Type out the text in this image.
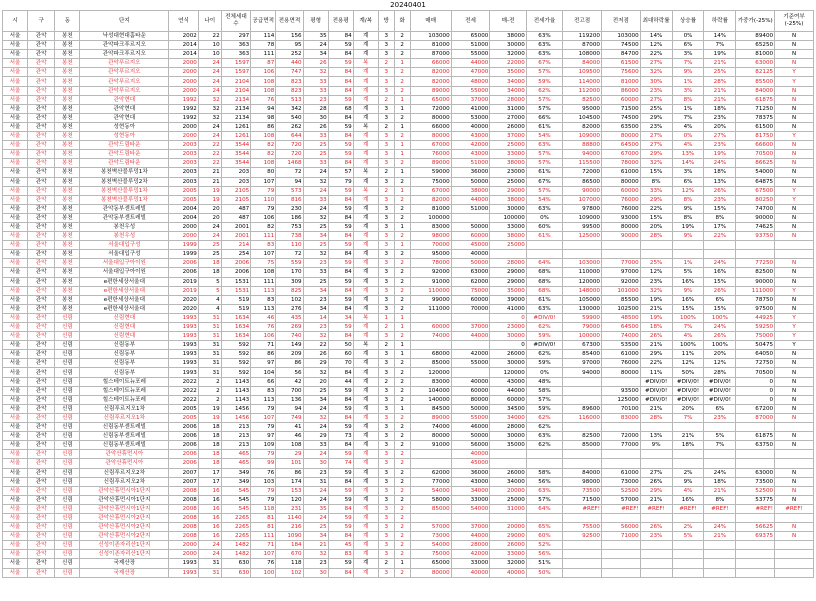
20240401
시	구	동	단지	연식	나이	전체세대수	공급면적	전용면적	평형	전용평	계/복	방	화	매매	전세	매-전	전세가율	전고점	전저점	최대하락률	상승률	하락률	가중가(-25%)	기준여부(-25%)
서울	관악	봉천	낙성대현대홈타운	2002	22	297	114	156	35	84	계	3	2	103000	65000	38000	63%	119200	103000	14%	0%	14%	89400	N
서울	관악	봉천	관악파크푸르지오	2014	10	363	78	95	24	59	계	3	2	81000	51000	30000	63%	87000	74500	12%	6%	7%	65250	N
서울	관악	봉천	관악파크푸르지오	2014	10	363	111	252	34	84	계	3	2	87000	55000	32000	63%	108000	84700	22%	3%	19%	81000	N
서울	관악	봉천	관악푸르지오	2000	24	1597	87	440	26	59	복	2	1	66000	44000	22000	67%	84000	61500	27%	7%	21%	63000	N
서울	관악	봉천	관악푸르지오	2000	24	1597	106	747	32	84	계	3	2	82000	47000	35000	57%	109500	75600	32%	9%	25%	82125	Y
서울	관악	봉천	관악푸르지오	2000	24	2104	108	823	33	84	계	3	2	82000	48000	34000	59%	114000	81000	30%	1%	28%	85500	Y
서울	관악	봉천	관악푸르지오	2000	24	2104	108	823	33	84	계	3	2	89000	55000	34000	62%	112000	86000	23%	3%	21%	84000	N
서울	관악	봉천	관악현대	1992	32	2134	76	513	23	59	계	2	1	65000	37000	28000	57%	82500	60000	27%	8%	21%	61875	N
서울	관악	봉천	관악현대	1992	32	2134	94	342	28	68	계	3	1	72000	41000	31000	57%	95000	71500	25%	1%	18%	71250	N
서울	관악	봉천	관악현대	1992	32	2134	98	540	30	84	계	3	2	80000	53000	27000	66%	104500	74500	29%	7%	23%	78375	N
서울	관악	봉천	성현동아	2000	24	1261	86	262	26	59	복	2	1	66000	40000	26000	61%	82000	63500	23%	4%	20%	61500	N
서울	관악	봉천	성현동아	2000	24	1261	108	644	33	84	계	3	2	80000	43000	37000	54%	109000	80000	27%	0%	27%	81750	Y
서울	관악	봉천	관악드림타운	2003	22	3544	82	720	25	59	계	3	1	67000	42000	25000	63%	88800	64500	27%	4%	23%	66600	N
서울	관악	봉천	관악드림타운	2003	22	3544	82	720	25	59	계	3	1	76000	43000	33000	57%	94000	67000	29%	13%	19%	70500	N
서울	관악	봉천	관악드림타운	2003	22	3544	108	1468	33	84	계	3	2	89000	51000	38000	57%	115500	78000	32%	14%	24%	86625	N
서울	관악	봉천	봉천벽산블루밍1차	2003	21	203	80	72	24	57	복	2	1	59000	36000	23000	61%	72000	61000	15%	3%	18%	54000	N
서울	관악	봉천	봉천벽산블루밍2차	2003	21	203	107	94	32	79	계	3	2	75000	50000	25000	67%	86500	80000	8%	6%	13%	64875	N
서울	관악	봉천	봉천벽산블루밍1차	2005	19	2105	79	573	24	59	복	2	1	67000	38000	29000	57%	90000	60000	33%	12%	26%	67500	Y
서울	관악	봉천	봉천벽산블루밍1차	2005	19	2105	110	816	33	84	계	3	2	82000	44000	38000	54%	107000	76000	29%	8%	23%	80250	Y
서울	관악	봉천	관악동부센트레빌	2004	20	487	79	230	24	59	계	3	2	81000	51000	30000	63%	97800	76000	22%	9%	15%	74700	N
서울	관악	봉천	관악동부센트레빌	2004	20	487	106	186	32	84	계	3	2	100000		100000	0%	109000	93000	15%	8%	8%	90000	N
서울	관악	봉천	봉천우성	2000	24	2001	82	753	25	59	계	3	1	83000	50000	33000	60%	99500	80000	20%	19%	17%	74625	N
서울	관악	봉천	봉천우성	2000	24	2001	111	738	34	84	계	3	2	98000	60000	38000	61%	125000	90000	28%	9%	22%	93750	N
서울	관악	봉천	서울대입구성	1999	25	214	83	110	25	59	계	3	1	70000	45000	25000								
서울	관악	봉천	서울대입구성	1999	25	254	107	72	32	84	계	3	2	95000	40000									
서울	관악	봉천	서울대입구아이원	2006	18	2006	75	559	23	59	계	3	2	78000	50000	28000	64%	103000	77000	25%	1%	24%	77250	N
서울	관악	봉천	서울대입구아이원	2006	18	2006	108	170	33	84	계	3	2	92000	63000	29000	68%	110000	97000	12%	5%	16%	82500	N
서울	관악	봉천	e편한세상서울대	2019	5	1531	111	309	25	59	계	3	2	91000	62000	29000	68%	120000	92000	23%	16%	15%	90000	N
서울	관악	봉천	e편한세상서울대	2019	5	1531	113	825	34	84	계	3	2	110000	75000	35000	68%	148000	101000	32%	9%	26%	111000	Y
서울	관악	봉천	e편한세상서울대	2020	4	519	83	102	23	59	계	3	2	99000	60000	39000	61%	105000	85500	19%	16%	6%	78750	N
서울	관악	봉천	e편한세상서울대	2020	4	519	113	276	34	84	계	3	2	111000	70000	41000	63%	130000	102500	21%	15%	15%	97500	N
서울	관악	신림	신림현대	1993	31	1634	46	435	14	34	복	1	1			0	#DIV/0!	59900	48500	19%	100%	100%	44925	Y
서울	관악	신림	신림현대	1993	31	1634	76	269	23	59	계	2	1	60000	37000	23000	62%	79000	64500	18%	7%	24%	59250	Y
서울	관악	신림	신림현대	1993	31	1634	106	740	32	84	계	3	2	74000	44000	30000	59%	100000	74000	26%	4%	26%	75000	Y
서울	관악	신림	신림동부	1993	31	592	71	149	22	50	복	2	1			0	#DIV/0!	67300	53500	21%	100%	100%	50475	Y
서울	관악	신림	신림동부	1993	31	592	86	209	26	60	계	3	1	68000	42000	26000	62%	85400	61000	29%	11%	20%	64050	N
서울	관악	신림	신림동부	1993	31	592	97	86	29	70	계	3	2	85000	55000	30000	59%	97000	76000	22%	12%	12%	72750	N
서울	관악	신림	신림동부	1993	31	592	104	56	32	84	계	3	2	120000		120000	0%	94000	80000	11%	50%	28%	70500	N
서울	관악	신림	힐스테이트뉴포레	2022	2	1143	66	42	20	44	계	2	2	83000	40000	43000	48%			#DIV/0!	#DIV/0!	#DIV/0!	0	N
서울	관악	신림	힐스테이트뉴포레	2022	2	1143	83	700	25	59	계	3	2	104000	60000	44000	58%		93500	#DIV/0!	#DIV/0!	#DIV/0!	0	N
서울	관악	신림	힐스테이트뉴포레	2022	2	1143	113	136	34	84	계	3	2	140000	80000	60000	57%		125000	#DIV/0!	#DIV/0!	#DIV/0!	0	N
서울	관악	신림	신림푸르지오1차	2005	19	1456	79	94	24	59	계	3	1	84500	50000	34500	59%	89600	70100	21%	20%	6%	67200	N
서울	관악	신림	신림푸르지오1차	2005	19	1456	107	749	32	84	계	3	2	89000	55000	34000	62%	116000	83000	28%	7%	23%	87000	N
서울	관악	신림	신림동부센트레빌	2006	18	213	79	41	24	59	계	3	2	74000	46000	28000	62%							
서울	관악	신림	신림동부센트레빌	2006	18	213	97	46	29	73	계	3	2	80000	50000	30000	63%	82500	72000	13%	21%	5%	61875	N
서울	관악	신림	신림동부센트레빌	2006	18	213	109	108	33	84	계	3	2	91000	56000	35000	62%	85000	77000	9%	18%	7%	63750	N
서울	관악	신림	관악산휴먼시아	2006	18	465	79	29	24	59	계	3	2		40000									
서울	관악	신림	관악산휴먼시아	2006	18	465	99	101	30	74	계	3	2		45000									
서울	관악	신림	신림푸르지오2차	2007	17	349	76	86	23	59	계	3	2	62000	36000	26000	58%	84000	61000	27%	2%	24%	63000	N
서울	관악	신림	신림푸르지오2차	2007	17	349	103	174	31	84	계	3	2	77000	43000	34000	56%	98000	73000	26%	9%	18%	73500	N
서울	관악	신림	관악산휴먼시아1단지	2008	16	545	79	153	24	59	계	3	2	54000	34000	20000	63%	73500	52500	29%	4%	21%	52500	N
서울	관악	신림	관악산휴먼시아1단지	2008	16	545	79	120	24	59	계	3	2	58000	33000	25000	57%	71500	57000	21%	16%	8%	53775	N
서울	관악	신림	관악산휴먼시아1단지	2008	16	545	118	231	35	84	계	3	2	85000	54000	31000	64%	#REF!	#REF!	#REF!	#REF!	#REF!	#REF!	#REF!
서울	관악	신림	관악산휴먼시아2단지	2008	16	2265	81	1140	24	59	계	3	2											
서울	관악	신림	관악산휴먼시아2단지	2008	16	2265	81	216	25	59	계	3	2	57000	37000	20000	65%	75500	56000	26%	2%	24%	56625	N
서울	관악	신림	관악산휴먼시아2단지	2008	16	2265	111	1090	34	84	계	3	2	73000	44000	29000	60%	92500	71000	23%	5%	21%	69375	N
서울	관악	신림	신성이존자리산1단지	2000	24	1482	71	184	21	45	계	3	2	54000	28000	26000	52%							
서울	관악	신림	신성이존자리산1단지	2000	24	1482	107	670	32	83	계	3	2	75000	42000	33000	56%							
서울	관악	신림	국제산장	1993	31	630	76	118	23	59	계	2	1	65000	33000	32000	51%							
서울	관악	신림	국제산장	1993	31	630	100	102	30	84	계	3	2	80000	40000	40000	50%							
